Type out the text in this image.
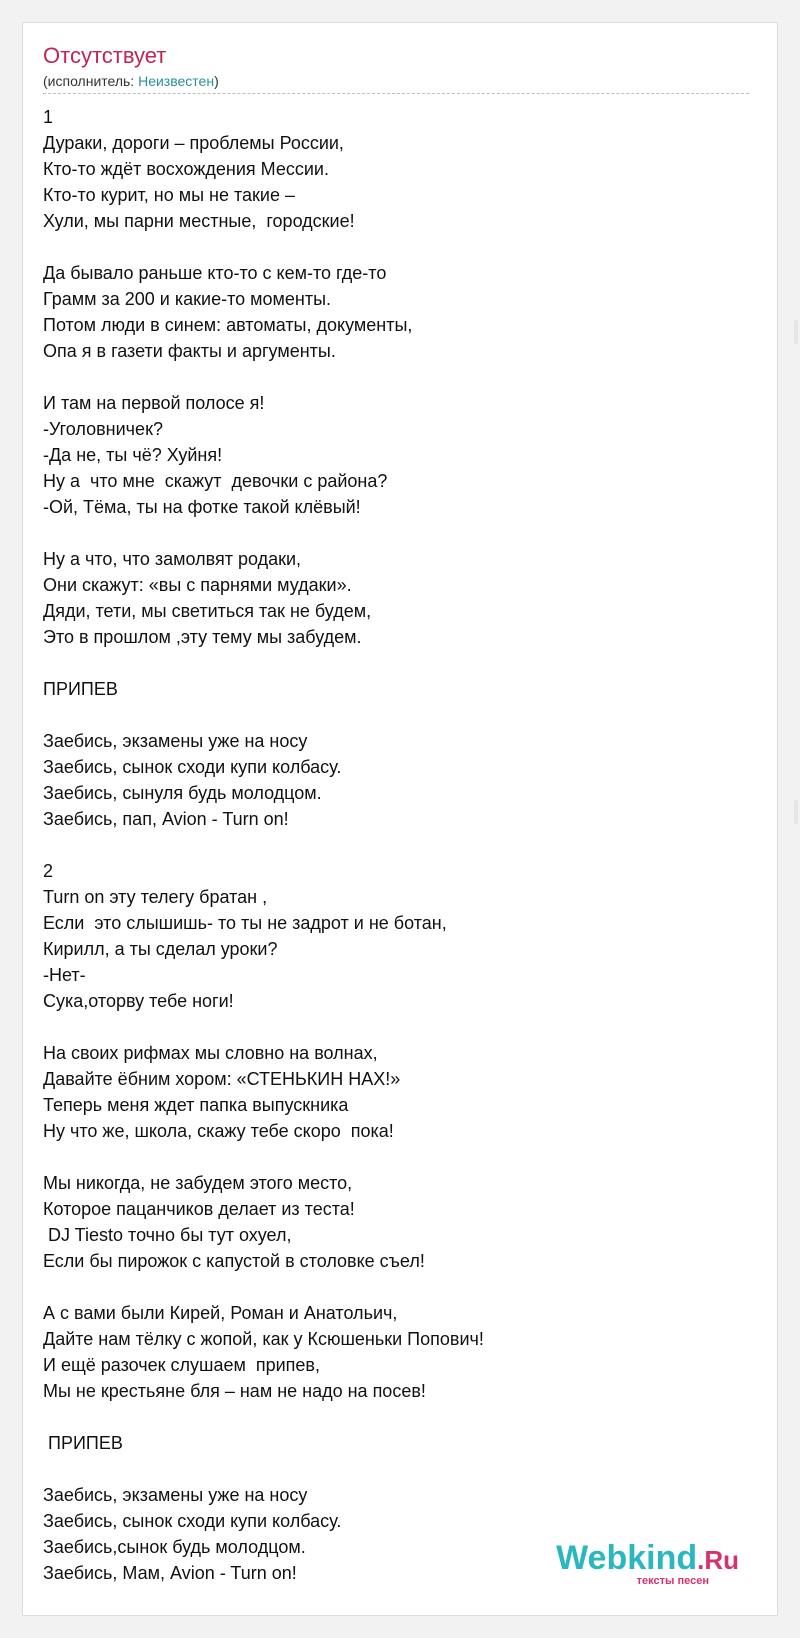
Отсутствует
(исполнитель: Неизвестен)
1
Дураки, дороги – проблемы России,
Кто-то ждёт восхождения Мессии.
Кто-то курит, но мы не такие –
Хули, мы парни местные,  городские!
Да бывало раньше кто-то с кем-то где-то
Грамм за 200 и какие-то моменты.
Потом люди в синем: автоматы, документы,
Опа я в газети факты и аргументы.
И там на первой полосе я!
-Уголовничек?
-Да не, ты чё? Хуйня!
Ну а  что мне  скажут  девочки с района?
-Ой, Тёма, ты на фотке такой клёвый!
Ну а что, что замолвят родаки,
Они скажут: «вы с парнями мудаки».
Дяди, тети, мы светиться так не будем,
Это в прошлом ,эту тему мы забудем.
ПРИПЕВ
Заебись, экзамены уже на носу
Заебись, сынок сходи купи колбасу.
Заебись, сынуля будь молодцом.
Заебись, пап, Avion - Turn on!
2
Turn on эту телегу братан ,
Если  это слышишь- то ты не задрот и не ботан,
Кирилл, а ты сделал уроки?
-Нет-
Сука,оторву тебе ноги!
На своих рифмах мы словно на волнах,
Давайте ёбним хором: «СТЕНЬКИН НАХ!»
Теперь меня ждет папка выпускника
Ну что же, школа, скажу тебе скоро  пока!
Мы никогда, не забудем этого место,
Которое пацанчиков делает из теста!
DJ Tiesto точно бы тут охуел,
Если бы пирожок с капустой в столовке съел!
А с вами были Кирей, Роман и Анатольич,
Дайте нам тёлку с жопой, как у Ксюшеньки Попович!
И ещё разочек слушаем  припев,
Мы не крестьяне бля – нам не надо на посев!
ПРИПЕВ
Заебись, экзамены уже на носу
Заебись, сынок сходи купи колбасу.
Заебись,сынок будь молодцом.
Заебись, Мам, Avion - Turn on!	Webkind.Ru
тексты песен
